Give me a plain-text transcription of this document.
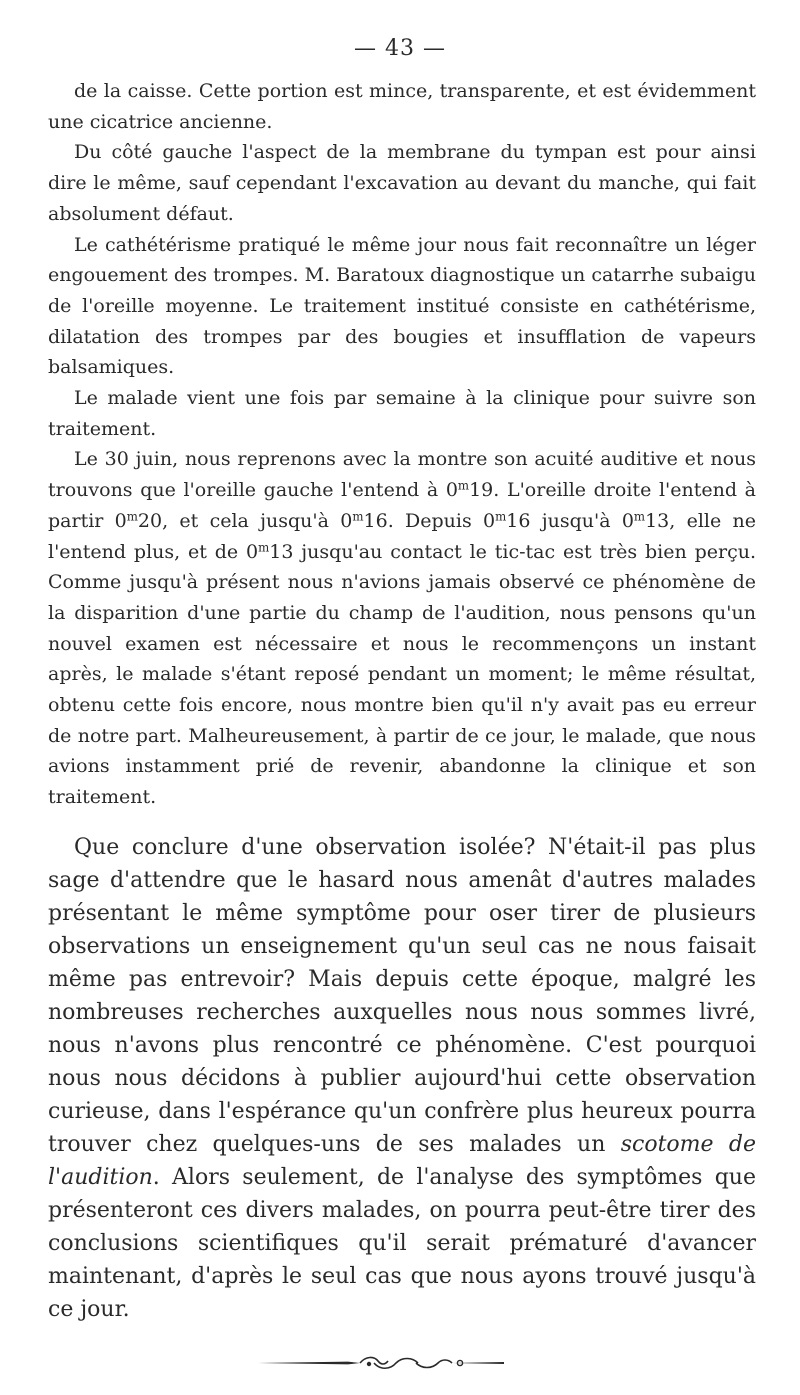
— 43 —

de la caisse. Cette portion est mince, transparente, et est évidemment une cicatrice ancienne.

Du côté gauche l'aspect de la membrane du tympan est pour ainsi dire le même, sauf cependant l'excavation au devant du manche, qui fait absolument défaut.

Le cathétérisme pratiqué le même jour nous fait reconnaître un léger engouement des trompes. M. Baratoux diagnostique un catarrhe subaigu de l'oreille moyenne. Le traitement institué consiste en cathétérisme, dilatation des trompes par des bougies et insufflation de vapeurs balsamiques.

Le malade vient une fois par semaine à la clinique pour suivre son traitement.

Le 30 juin, nous reprenons avec la montre son acuité auditive et nous trouvons que l'oreille gauche l'entend à 0$^m$19. L'oreille droite l'entend à partir 0$^m$20, et cela jusqu'à 0$^m$16. Depuis 0$^m$16 jusqu'à 0$^m$13, elle ne l'entend plus, et de 0$^m$13 jusqu'au contact le tic-tac est très bien perçu. Comme jusqu'à présent nous n'avions jamais observé ce phénomène de la disparition d'une partie du champ de l'audition, nous pensons qu'un nouvel examen est nécessaire et nous le recommençons un instant après, le malade s'étant reposé pendant un moment; le même résultat, obtenu cette fois encore, nous montre bien qu'il n'y avait pas eu erreur de notre part. Malheureusement, à partir de ce jour, le malade, que nous avions instamment prié de revenir, abandonne la clinique et son traitement.

Que conclure d'une observation isolée? N'était-il pas plus sage d'attendre que le hasard nous amenât d'autres malades présentant le même symptôme pour oser tirer de plusieurs observations un enseignement qu'un seul cas ne nous faisait même pas entrevoir? Mais depuis cette époque, malgré les nombreuses recherches auxquelles nous nous sommes livré, nous n'avons plus rencontré ce phénomène. C'est pourquoi nous nous décidons à publier aujourd'hui cette observation curieuse, dans l'espérance qu'un confrère plus heureux pourra trouver chez quelques-uns de ses malades un scotome de l'audition. Alors seulement, de l'analyse des symptômes que présenteront ces divers malades, on pourra peut-être tirer des conclusions scientifiques qu'il serait prématuré d'avancer maintenant, d'après le seul cas que nous ayons trouvé jusqu'à ce jour.
